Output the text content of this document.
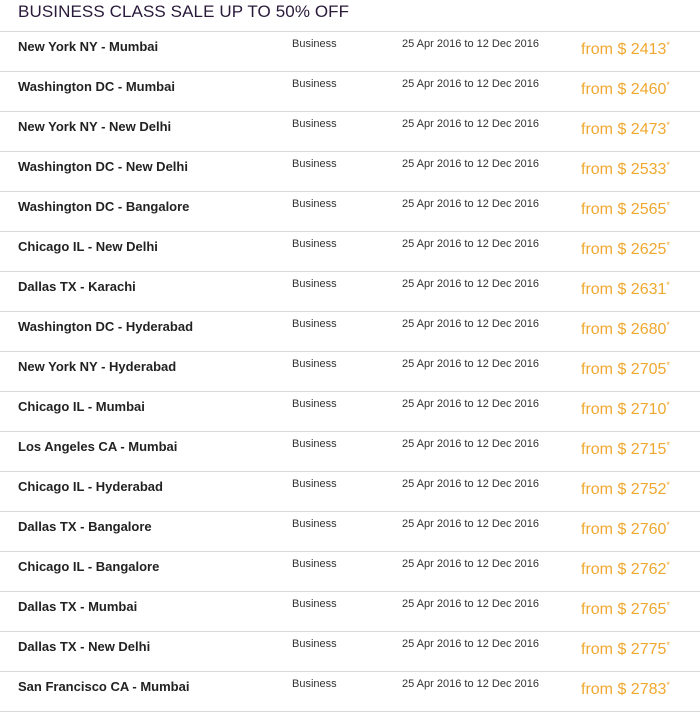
BUSINESS CLASS SALE UP TO 50% OFF
New York NY - Mumbai	Business	25 Apr 2016 to 12 Dec 2016	from $ 2413*
Washington DC - Mumbai	Business	25 Apr 2016 to 12 Dec 2016	from $ 2460*
New York NY - New Delhi	Business	25 Apr 2016 to 12 Dec 2016	from $ 2473*
Washington DC - New Delhi	Business	25 Apr 2016 to 12 Dec 2016	from $ 2533*
Washington DC - Bangalore	Business	25 Apr 2016 to 12 Dec 2016	from $ 2565*
Chicago IL - New Delhi	Business	25 Apr 2016 to 12 Dec 2016	from $ 2625*
Dallas TX - Karachi	Business	25 Apr 2016 to 12 Dec 2016	from $ 2631*
Washington DC - Hyderabad	Business	25 Apr 2016 to 12 Dec 2016	from $ 2680*
New York NY - Hyderabad	Business	25 Apr 2016 to 12 Dec 2016	from $ 2705*
Chicago IL - Mumbai	Business	25 Apr 2016 to 12 Dec 2016	from $ 2710*
Los Angeles CA - Mumbai	Business	25 Apr 2016 to 12 Dec 2016	from $ 2715*
Chicago IL - Hyderabad	Business	25 Apr 2016 to 12 Dec 2016	from $ 2752*
Dallas TX - Bangalore	Business	25 Apr 2016 to 12 Dec 2016	from $ 2760*
Chicago IL - Bangalore	Business	25 Apr 2016 to 12 Dec 2016	from $ 2762*
Dallas TX - Mumbai	Business	25 Apr 2016 to 12 Dec 2016	from $ 2765*
Dallas TX - New Delhi	Business	25 Apr 2016 to 12 Dec 2016	from $ 2775*
San Francisco CA - Mumbai	Business	25 Apr 2016 to 12 Dec 2016	from $ 2783*
